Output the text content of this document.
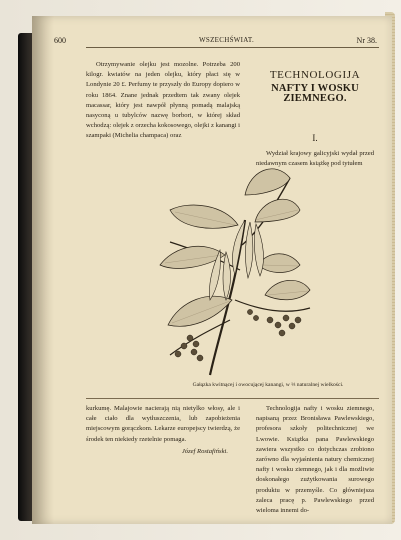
600	WSZECHŚWIAT.	Nr 38.

Otrzymywanie olejku jest mozolne. Potrzeba 200 kilogr. kwiatów na jeden olejku, który płaci się w Londynie 20 £. Perfumy te przyszły do Europy dopiero w roku 1864. Znane jednak przedtem tak zwany olejek macassar, który jest nawpół płynną pomadą malajską nasyconą u tubylców nazwę borbori, w której skład wchodzą: olejek z orzecha kokosowego, olejki z kanangi i szampaki (Michelia champaca) oraz

TECHNOLOGIJA
NAFTY I WOSKU ZIEMNEGO.
I.
Wydział krajowy galicyjski wydał przed niedawnym czasem książkę pod tytułem
Gałązka kwitnącej i owocującej kanangi, w ⅓ naturalnej wielkości.

kurkumę. Malajowie nacierają nią nietylko włosy, ale i całe ciało dla wytłuszczenia, lub zapobieżenia miejscowym gorączkom. Lekarze europejscy twierdzą, że środek ten niekiedy rzetelnie pomaga.

Józef Rostafiński.

Technologija nafty i wosku ziemnego, napisaną przez Bronisława Pawlewskiego, profesora szkoły politechnicznej we Lwowie. Książka pana Pawlewskiego zawiera wszystko co dotychczas zrobiono zarówno dla wyjaśnienia natury chemicznej nafty i wosku ziemnego, jak i dla możliwie doskonałego zużytkowania surowego produktu w przemyśle. Co główniejsza zaleca pracę p. Pawlewskiego przed wieloma innemi do-
